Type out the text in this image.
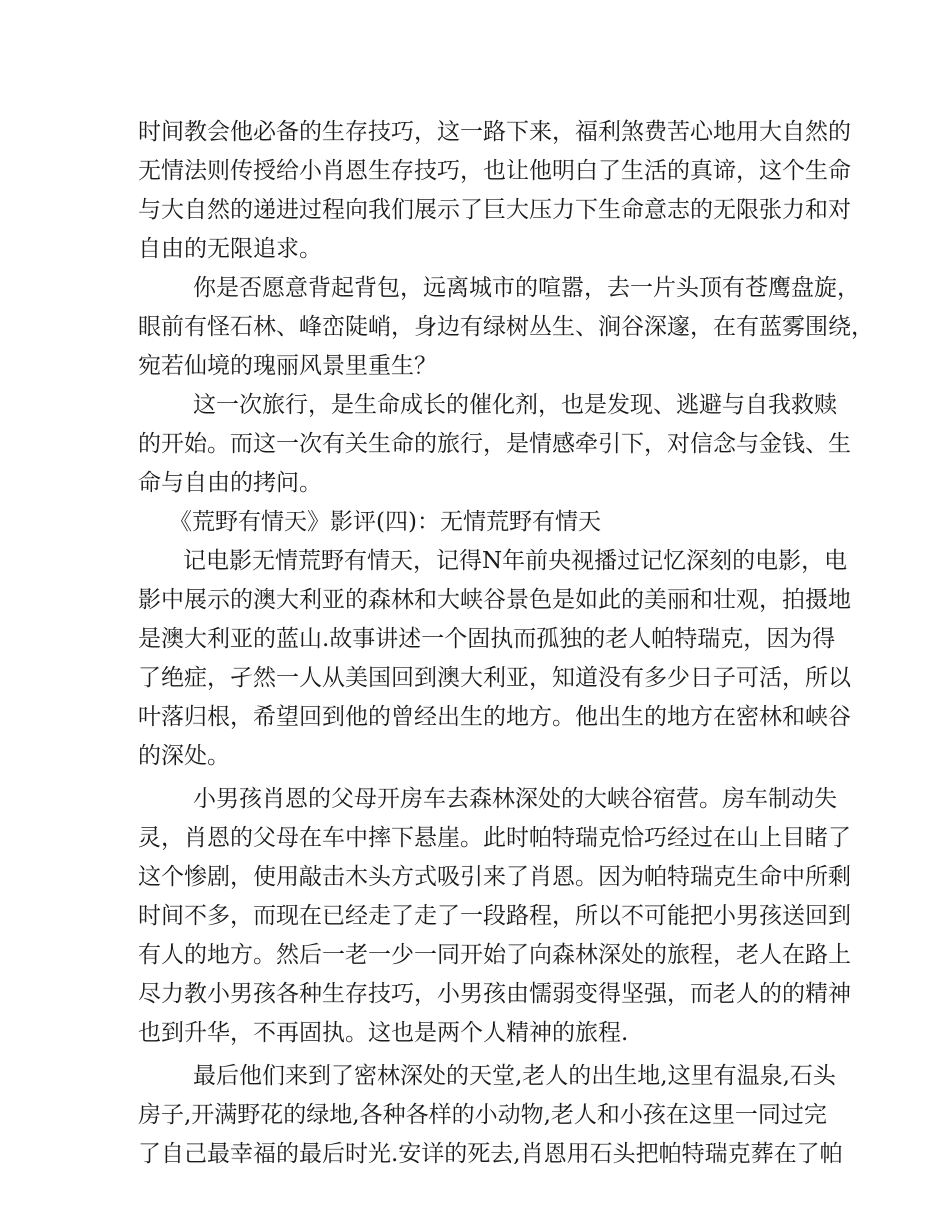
时间教会他必备的生存技巧，这一路下来，福利煞费苦心地用大自然的
无情法则传授给小肖恩生存技巧，也让他明白了生活的真谛，这个生命
与大自然的递进过程向我们展示了巨大压力下生命意志的无限张力和对
自由的无限追求。
你是否愿意背起背包，远离城市的喧嚣，去一片头顶有苍鹰盘旋，
眼前有怪石林、峰峦陡峭，身边有绿树丛生、涧谷深邃，在有蓝雾围绕，
宛若仙境的瑰丽风景里重生？
这一次旅行，是生命成长的催化剂，也是发现、逃避与自我救赎
的开始。而这一次有关生命的旅行，是情感牵引下，对信念与金钱、生
命与自由的拷问。
《荒野有情天》影评(四)：无情荒野有情天
记电影无情荒野有情天，记得N年前央视播过记忆深刻的电影，电
影中展示的澳大利亚的森林和大峡谷景色是如此的美丽和壮观，拍摄地
是澳大利亚的蓝山.故事讲述一个固执而孤独的老人帕特瑞克，因为得
了绝症，孑然一人从美国回到澳大利亚，知道没有多少日子可活，所以
叶落归根，希望回到他的曾经出生的地方。他出生的地方在密林和峡谷
的深处。
小男孩肖恩的父母开房车去森林深处的大峡谷宿营。房车制动失
灵，肖恩的父母在车中摔下悬崖。此时帕特瑞克恰巧经过在山上目睹了
这个惨剧，使用敲击木头方式吸引来了肖恩。因为帕特瑞克生命中所剩
时间不多，而现在已经走了走了一段路程，所以不可能把小男孩送回到
有人的地方。然后一老一少一同开始了向森林深处的旅程，老人在路上
尽力教小男孩各种生存技巧，小男孩由懦弱变得坚强，而老人的的精神
也到升华，不再固执。这也是两个人精神的旅程.
最后他们来到了密林深处的天堂,老人的出生地,这里有温泉,石头
房子,开满野花的绿地,各种各样的小动物,老人和小孩在这里一同过完
了自己最幸福的最后时光.安详的死去,肖恩用石头把帕特瑞克葬在了帕
